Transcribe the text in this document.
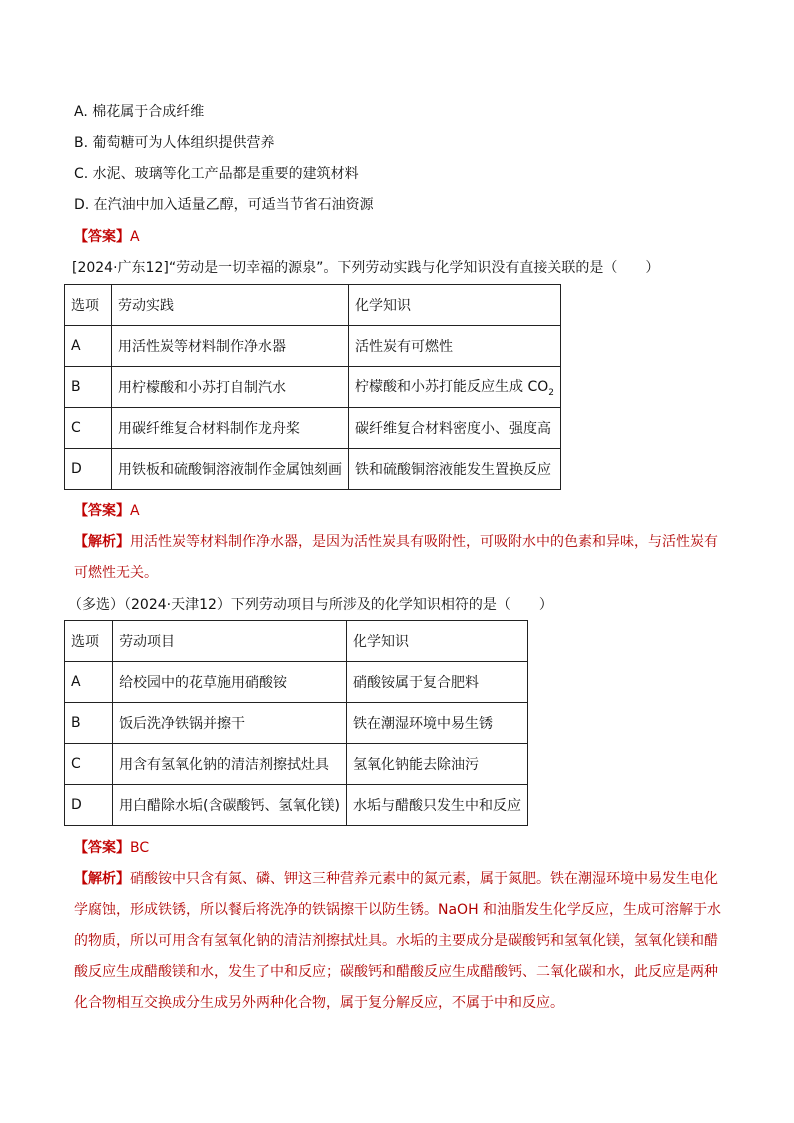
A. 棉花属于合成纤维
B. 葡萄糖可为人体组织提供营养
C. 水泥、玻璃等化工产品都是重要的建筑材料
D. 在汽油中加入适量乙醇，可适当节省石油资源
【答案】A
[2024·广东12]“劳动是一切幸福的源泉”。下列劳动实践与化学知识没有直接关联的是（　　）
选项	劳动实践	化学知识
A	用活性炭等材料制作净水器	活性炭有可燃性
B	用柠檬酸和小苏打自制汽水	柠檬酸和小苏打能反应生成 $CO_2$
C	用碳纤维复合材料制作龙舟桨	碳纤维复合材料密度小、强度高
D	用铁板和硫酸铜溶液制作金属蚀刻画	铁和硫酸铜溶液能发生置换反应
【答案】A
【解析】用活性炭等材料制作净水器，是因为活性炭具有吸附性，可吸附水中的色素和异味，与活性炭有可燃性无关。
（多选）（2024·天津12）下列劳动项目与所涉及的化学知识相符的是（　　）
选项	劳动项目	化学知识
A	给校园中的花草施用硝酸铵	硝酸铵属于复合肥料
B	饭后洗净铁锅并擦干	铁在潮湿环境中易生锈
C	用含有氢氧化钠的清洁剂擦拭灶具	氢氧化钠能去除油污
D	用白醋除水垢(含碳酸钙、氢氧化镁)	水垢与醋酸只发生中和反应
【答案】BC
【解析】硝酸铵中只含有氮、磷、钾这三种营养元素中的氮元素，属于氮肥。铁在潮湿环境中易发生电化学腐蚀，形成铁锈，所以餐后将洗净的铁锅擦干以防生锈。NaOH 和油脂发生化学反应，生成可溶解于水的物质，所以可用含有氢氧化钠的清洁剂擦拭灶具。水垢的主要成分是碳酸钙和氢氧化镁，氢氧化镁和醋酸反应生成醋酸镁和水，发生了中和反应；碳酸钙和醋酸反应生成醋酸钙、二氧化碳和水，此反应是两种化合物相互交换成分生成另外两种化合物，属于复分解反应，不属于中和反应。
